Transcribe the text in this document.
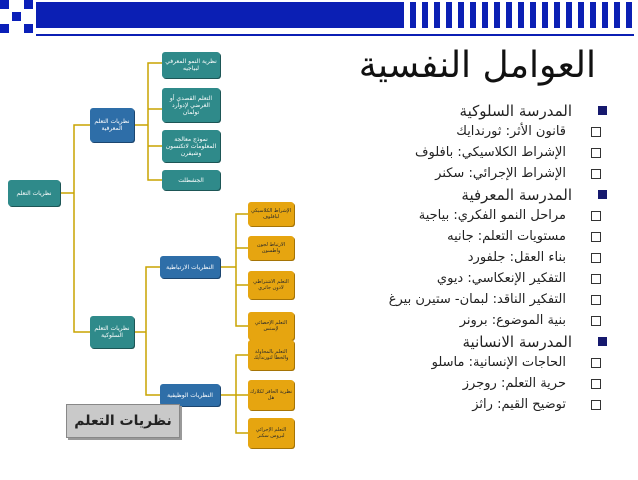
العوامل النفسية
المدرسة السلوكية
قانون الأثر: ثورندايك
الإشراط الكلاسيكي: بافلوف
الإشراط الإجرائي: سكنر
المدرسة المعرفية
مراحل النمو الفكري: بياجية
مستويات التعلم: جانيه
بناء العقل: جلفورد
التفكير الإنعكاسي: ديوي
التفكير الناقد: لبمان- ستيرن بيرغ
بنية الموضوع: برونر
المدرسة الانسانية
الحاجات الإنسانية: ماسلو
حرية التعلم: روجرز
توضيح القيم: راثز
نظريات التعلم
نظريات التعلم المعرفية
نظرية النمو المعرفي لبياجيه
التعلم القصدي أو الغرضي لإدوارد تولمان
نموذج معالجة المعلومات لاتكنسون وشيفرن
الجشطلت
نظريات التعلم السلوكية
النظريات الارتباطية
الإشراط الكلاسيكي لبافلوف
الارتباط لجون واطسون
التعلم الاشتراطي لادون جاثري
التعلم الإحصائي لإستس
النظريات الوظيفية
التعلم بالمحاولة والخطأ لثورندايك
نظرية الحافز لكلارك هل
التعلم الإجرائي لبروس سكنر
نظريات التعلم
